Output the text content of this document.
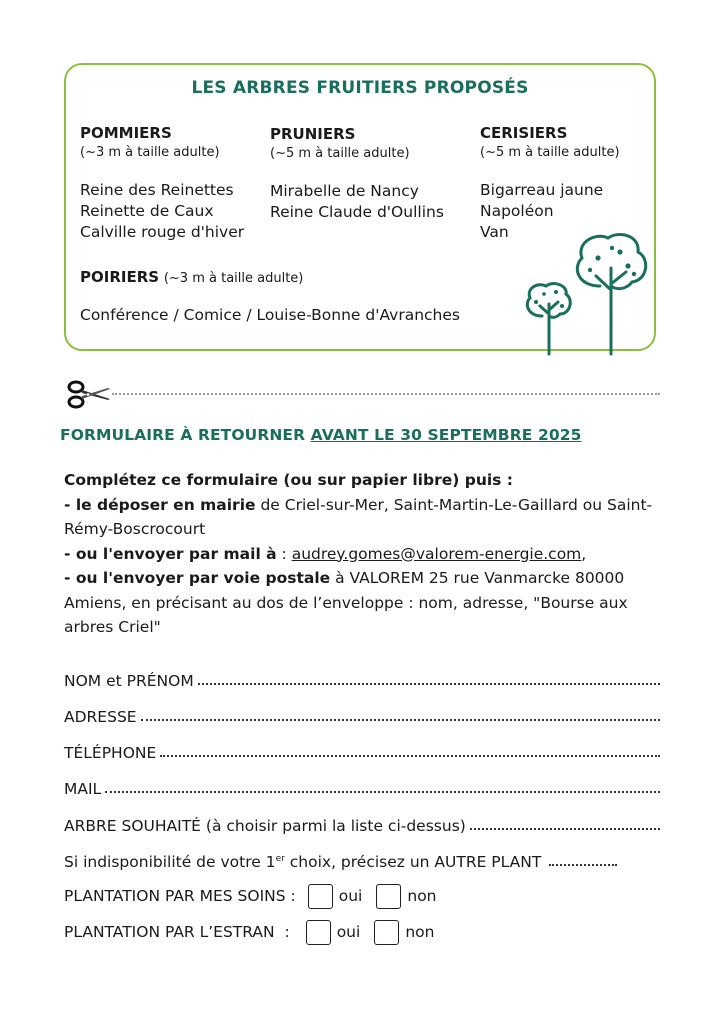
LES ARBRES FRUITIERS PROPOSÉS
POMMIERS
(~3 m à taille adulte)
Reine des Reinettes
Reinette de Caux
Calville rouge d'hiver
PRUNIERS
(~5 m à taille adulte)
Mirabelle de Nancy
Reine Claude d'Oullins
CERISIERS
(~5 m à taille adulte)
Bigarreau jaune
Napoléon
Van
POIRIERS (~3 m à taille adulte)
Conférence / Comice / Louise-Bonne d'Avranches
FORMULAIRE À RETOURNER AVANT LE 30 SEPTEMBRE 2025
Complétez ce formulaire (ou sur papier libre) puis :
- le déposer en mairie de Criel-sur-Mer, Saint-Martin-Le-Gaillard ou Saint-Rémy-Boscrocourt
- ou l'envoyer par mail à : audrey.gomes@valorem-energie.com,
- ou l'envoyer par voie postale à VALOREM 25 rue Vanmarcke 80000 Amiens, en précisant au dos de l’enveloppe : nom, adresse, "Bourse aux arbres Criel"
NOM et PRÉNOM
ADRESSE
TÉLÉPHONE
MAIL
ARBRE SOUHAITÉ (à choisir parmi la liste ci-dessus)
Si indisponibilité de votre 1er choix, précisez un AUTRE PLANT
PLANTATION PAR MES SOINS :	oui	non
PLANTATION PAR L’ESTRAN  :	oui	non
